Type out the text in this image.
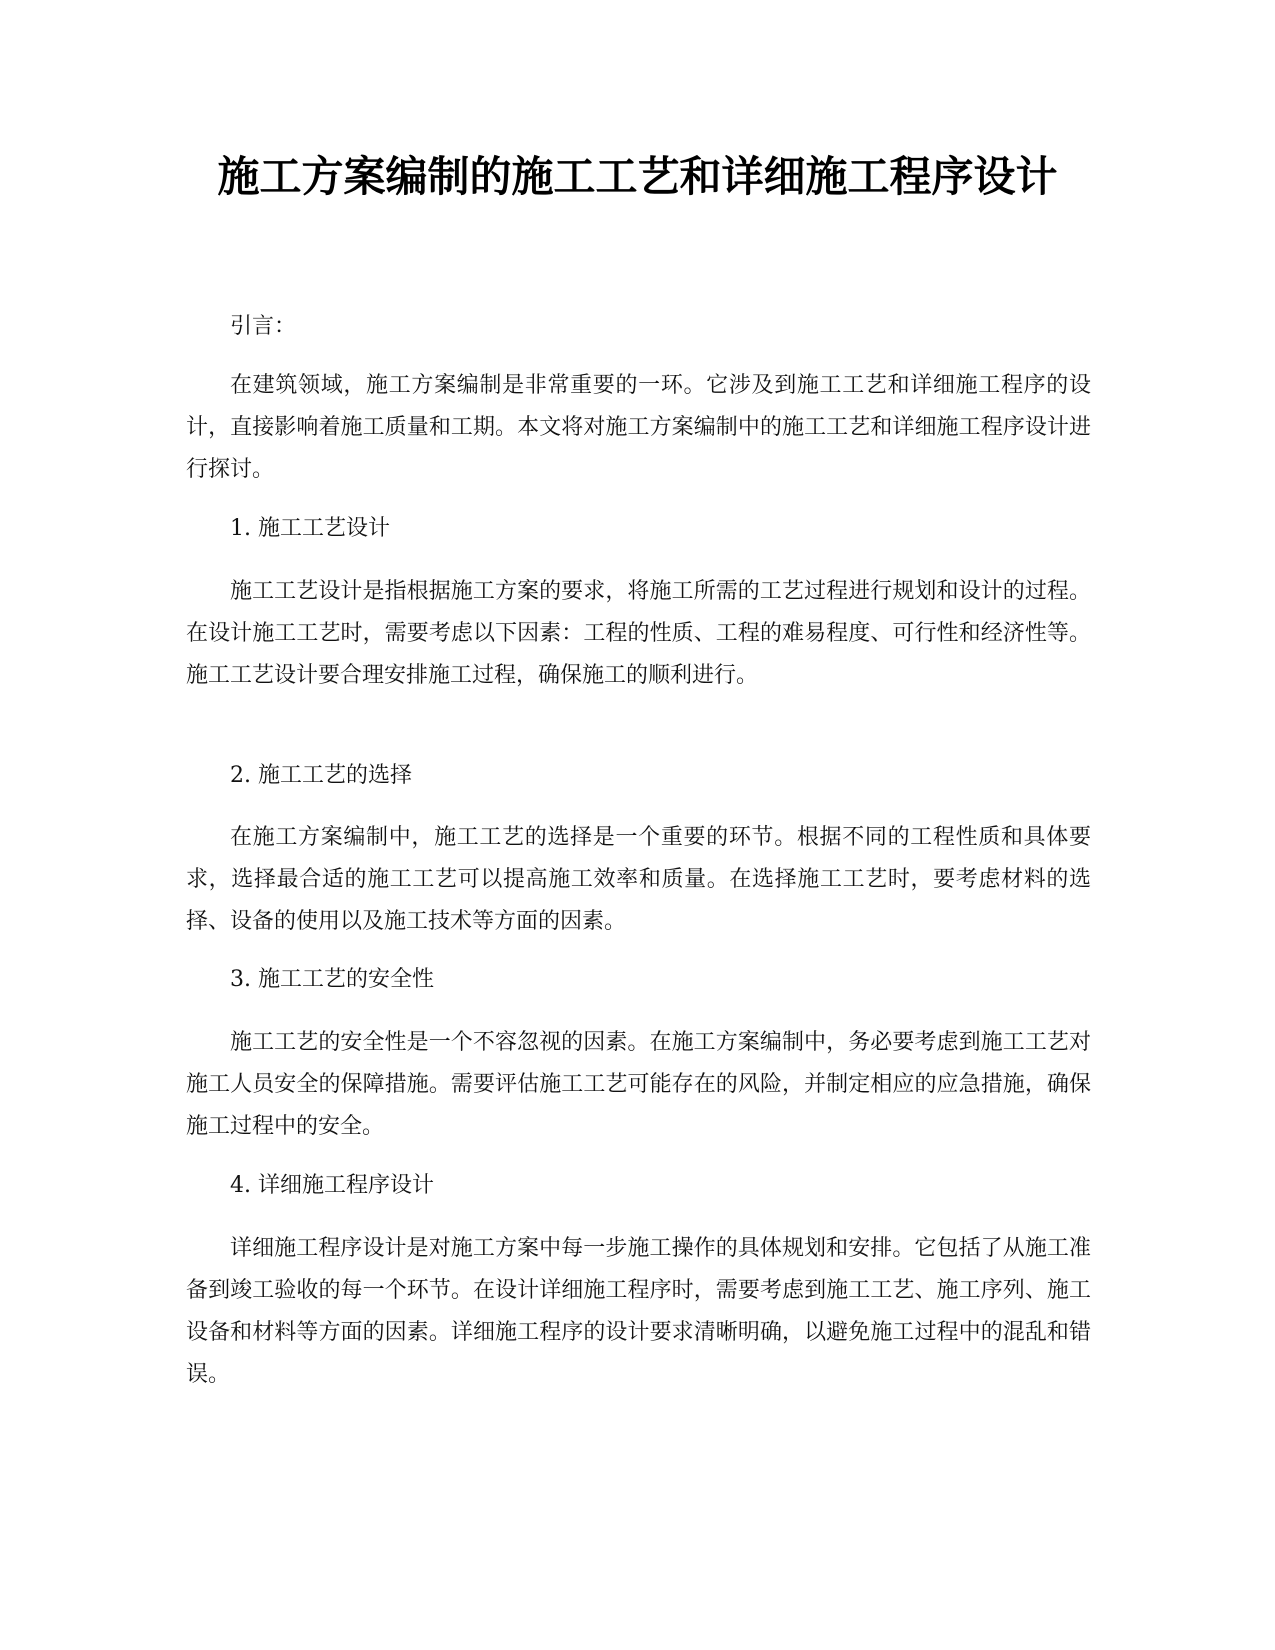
施工方案编制的施工工艺和详细施工程序设计

引言：

在建筑领域，施工方案编制是非常重要的一环。它涉及到施工工艺和详细施工程序的设计，直接影响着施工质量和工期。本文将对施工方案编制中的施工工艺和详细施工程序设计进行探讨。

1. 施工工艺设计

施工工艺设计是指根据施工方案的要求，将施工所需的工艺过程进行规划和设计的过程。在设计施工工艺时，需要考虑以下因素：工程的性质、工程的难易程度、可行性和经济性等。施工工艺设计要合理安排施工过程，确保施工的顺利进行。

2. 施工工艺的选择

在施工方案编制中，施工工艺的选择是一个重要的环节。根据不同的工程性质和具体要求，选择最合适的施工工艺可以提高施工效率和质量。在选择施工工艺时，要考虑材料的选择、设备的使用以及施工技术等方面的因素。

3. 施工工艺的安全性

施工工艺的安全性是一个不容忽视的因素。在施工方案编制中，务必要考虑到施工工艺对施工人员安全的保障措施。需要评估施工工艺可能存在的风险，并制定相应的应急措施，确保施工过程中的安全。

4. 详细施工程序设计

详细施工程序设计是对施工方案中每一步施工操作的具体规划和安排。它包括了从施工准备到竣工验收的每一个环节。在设计详细施工程序时，需要考虑到施工工艺、施工序列、施工设备和材料等方面的因素。详细施工程序的设计要求清晰明确，以避免施工过程中的混乱和错误。
